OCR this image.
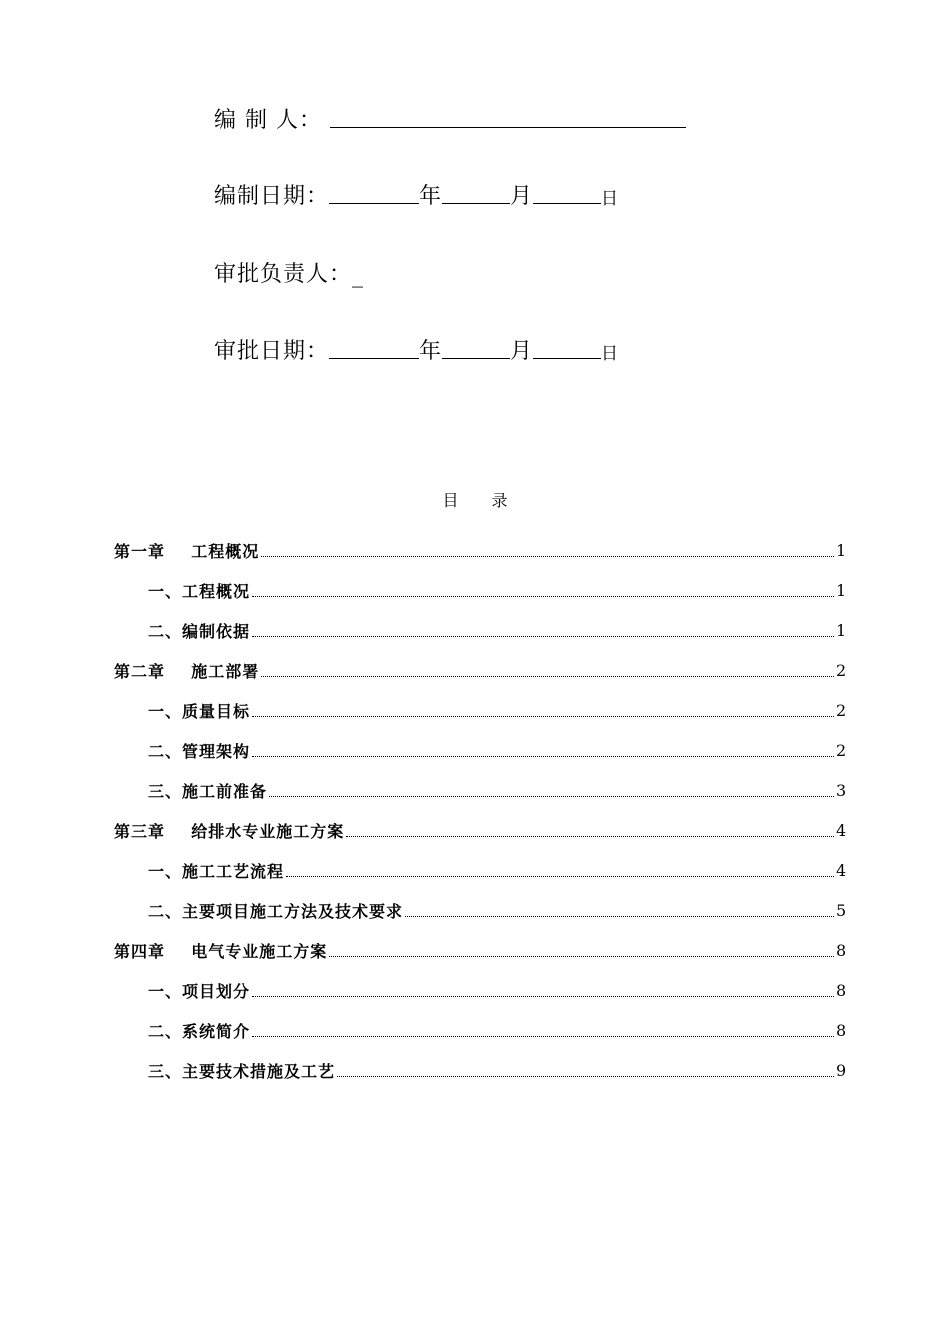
编 制 人：
编制日期：	年	月	日
审批负责人： _
审批日期：	年	月	日
目 录
第一章    工程概况	1
一、工程概况	1
二、编制依据	1
第二章    施工部署	2
一、质量目标	2
二、管理架构	2
三、施工前准备	3
第三章    给排水专业施工方案	4
一、施工工艺流程	4
二、主要项目施工方法及技术要求	5
第四章    电气专业施工方案	8
一、项目划分	8
二、系统简介	8
三、主要技术措施及工艺	9
